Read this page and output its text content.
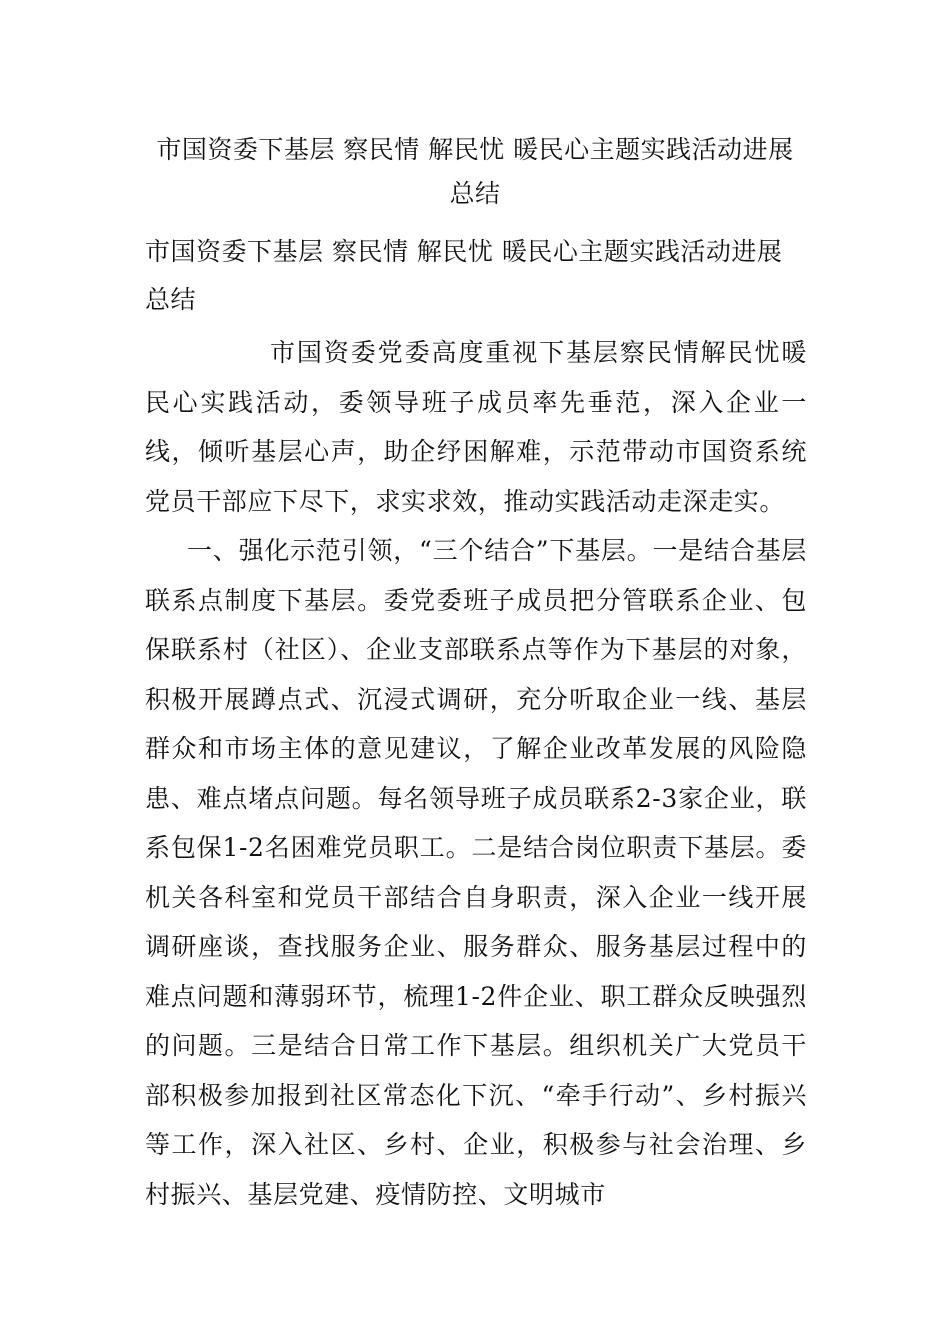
市国资委下基层 察民情 解民忧 暖民心主题实践活动进展总结
市国资委下基层 察民情 解民忧 暖民心主题实践活动进展总结
市国资委党委高度重视下基层察民情解民忧暖民心实践活动，委领导班子成员率先垂范，深入企业一线，倾听基层心声，助企纾困解难，示范带动市国资系统党员干部应下尽下，求实求效，推动实践活动走深走实。
一、强化示范引领，“三个结合”下基层。一是结合基层联系点制度下基层。委党委班子成员把分管联系企业、包保联系村（社区）、企业支部联系点等作为下基层的对象，积极开展蹲点式、沉浸式调研，充分听取企业一线、基层群众和市场主体的意见建议，了解企业改革发展的风险隐患、难点堵点问题。每名领导班子成员联系2-3家企业，联系包保1-2名困难党员职工。二是结合岗位职责下基层。委机关各科室和党员干部结合自身职责，深入企业一线开展调研座谈，查找服务企业、服务群众、服务基层过程中的难点问题和薄弱环节，梳理1-2件企业、职工群众反映强烈的问题。三是结合日常工作下基层。组织机关广大党员干部积极参加报到社区常态化下沉、“牵手行动”、乡村振兴等工作，深入社区、乡村、企业，积极参与社会治理、乡村振兴、基层党建、疫情防控、文明城市
